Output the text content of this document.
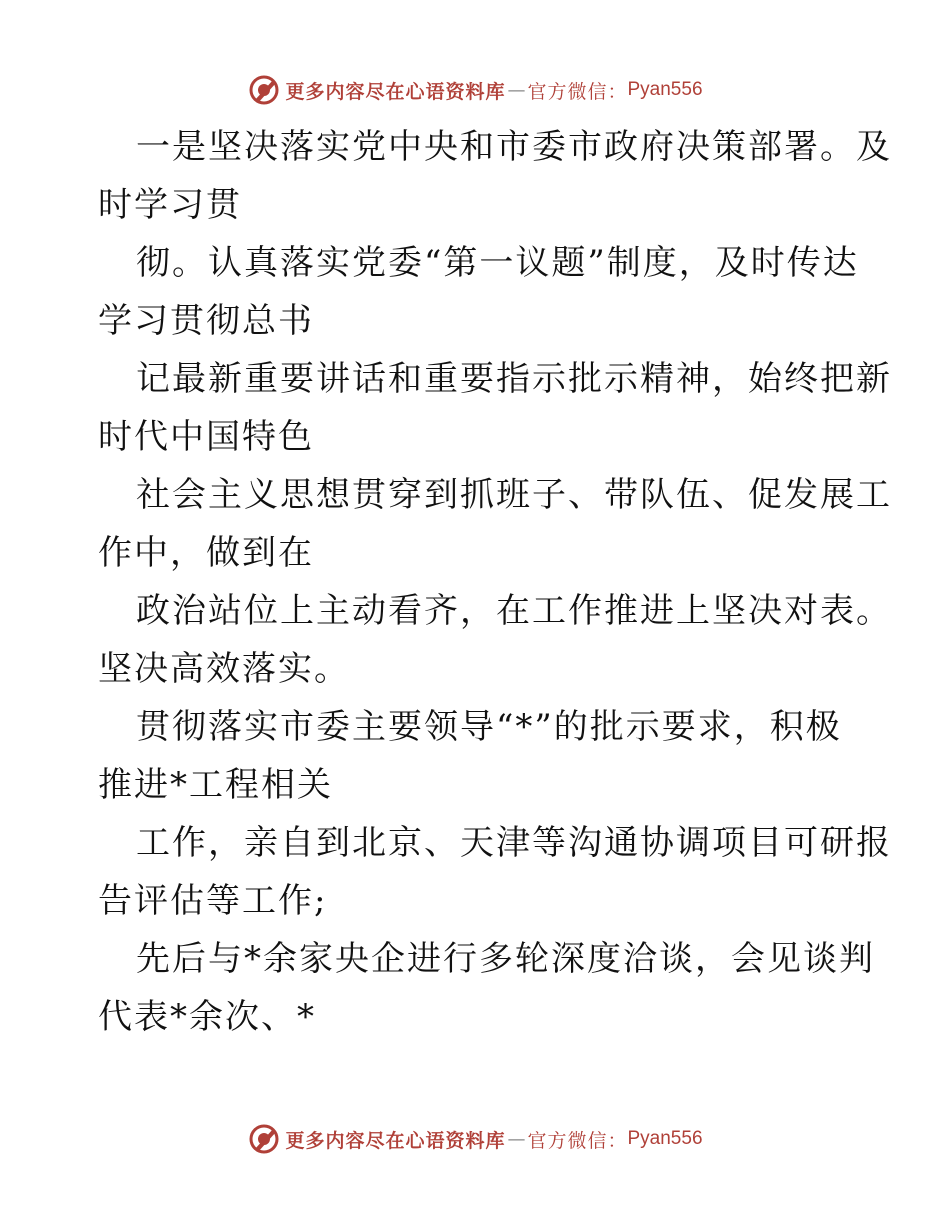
更多内容尽在心语资料库 — 官方微信： Pyan556

一是坚决落实党中央和市委市政府决策部署。及
时学习贯

彻。认真落实党委“第一议题”制度，及时传达
学习贯彻总书

记最新重要讲话和重要指示批示精神，始终把新
时代中国特色

社会主义思想贯穿到抓班子、带队伍、促发展工
作中，做到在

政治站位上主动看齐，在工作推进上坚决对表。
坚决高效落实。

贯彻落实市委主要领导“*”的批示要求，积极
推进*工程相关

工作，亲自到北京、天津等沟通协调项目可研报
告评估等工作;

先后与*余家央企进行多轮深度洽谈，会见谈判
代表*余次、*

更多内容尽在心语资料库 — 官方微信： Pyan556
